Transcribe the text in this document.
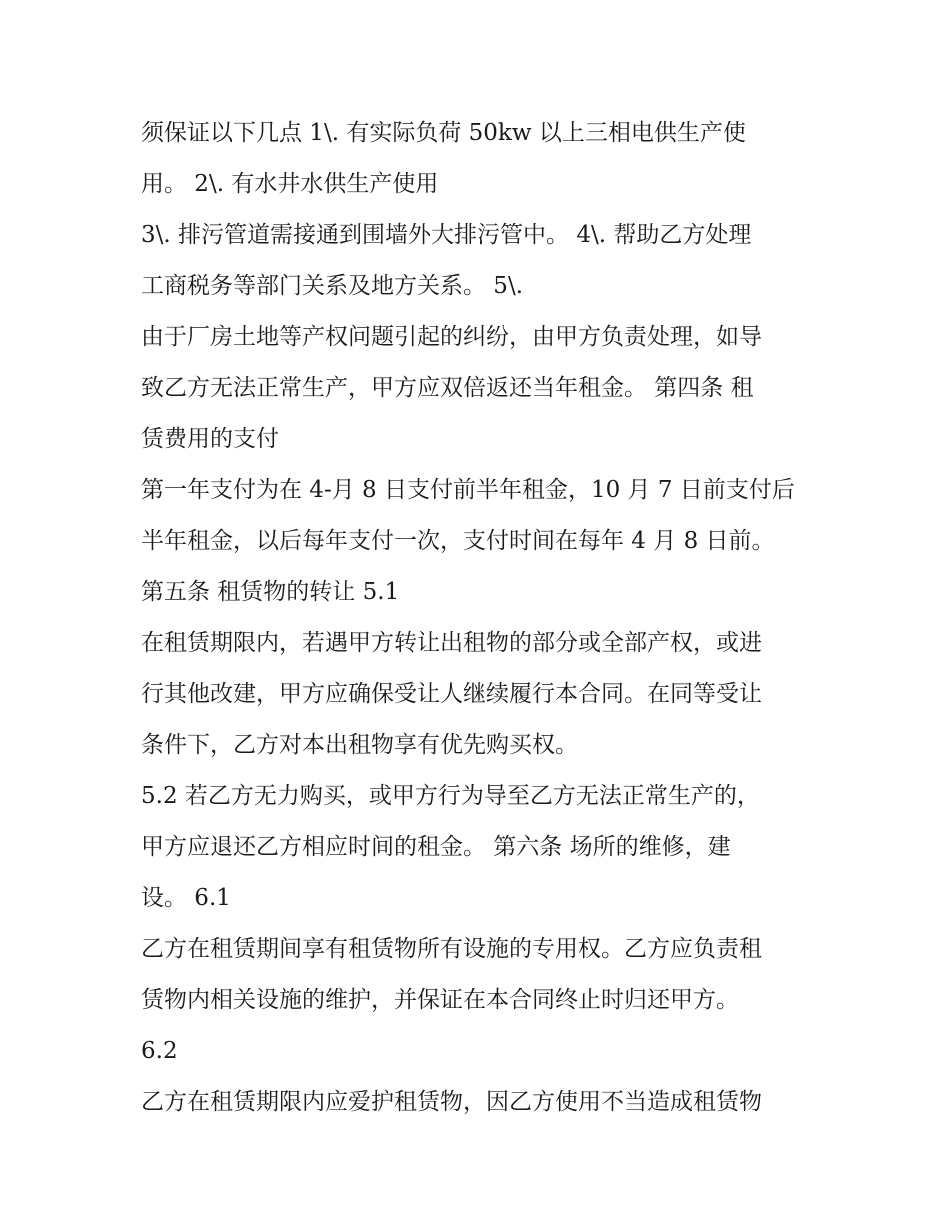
须保证以下几点 1\. 有实际负荷 50kw 以上三相电供生产使
用。 2\. 有水井水供生产使用
3\. 排污管道需接通到围墙外大排污管中。 4\. 帮助乙方处理
工商税务等部门关系及地方关系。 5\.
由于厂房土地等产权问题引起的纠纷，由甲方负责处理，如导
致乙方无法正常生产，甲方应双倍返还当年租金。 第四条 租
赁费用的支付
第一年支付为在 4-月 8 日支付前半年租金，10 月 7 日前支付后
半年租金，以后每年支付一次，支付时间在每年 4 月 8 日前。
第五条 租赁物的转让 5.1
在租赁期限内，若遇甲方转让出租物的部分或全部产权，或进
行其他改建，甲方应确保受让人继续履行本合同。在同等受让
条件下，乙方对本出租物享有优先购买权。
5.2 若乙方无力购买，或甲方行为导至乙方无法正常生产的，
甲方应退还乙方相应时间的租金。 第六条 场所的维修，建
设。 6.1
乙方在租赁期间享有租赁物所有设施的专用权。乙方应负责租
赁物内相关设施的维护，并保证在本合同终止时归还甲方。
6.2
乙方在租赁期限内应爱护租赁物，因乙方使用不当造成租赁物
